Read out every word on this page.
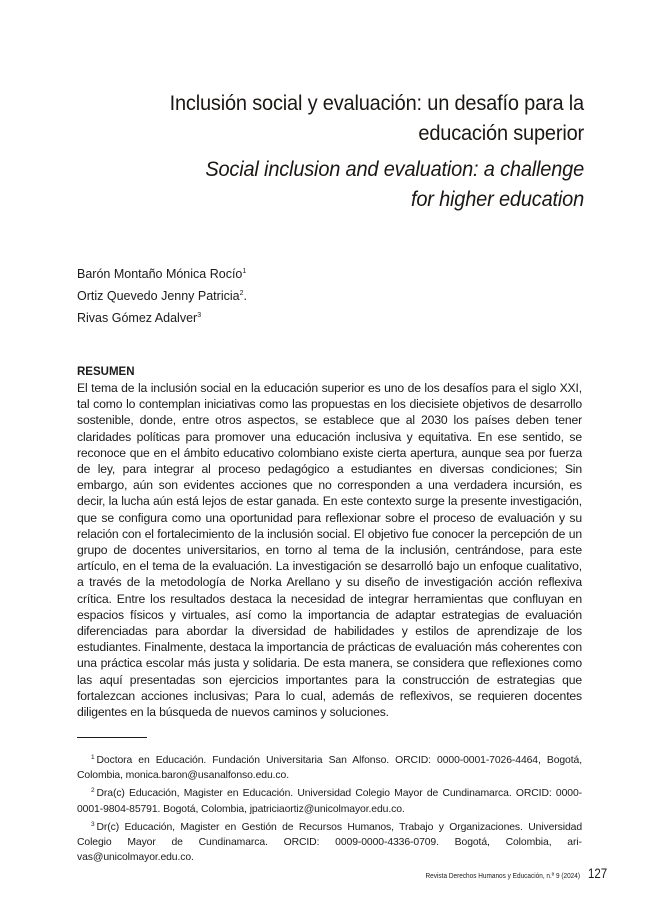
Inclusión social y evaluación: un desafío para la
educación superior
Social inclusion and evaluation: a challenge
for higher education
Barón Montaño Mónica Rocío$^1$
Ortiz Quevedo Jenny Patricia$^2$.
Rivas Gómez Adalver$^3$
RESUMEN

El tema de la inclusión social en la educación superior es uno de los desafíos para el siglo XXI, tal como lo contemplan iniciativas como las propuestas en los diecisiete objetivos de desarrollo sostenible, donde, entre otros aspectos, se establece que al 2030 los países deben tener claridades políticas para promover una educación inclusiva y equitativa. En ese sentido, se reconoce que en el ámbito educativo colombiano existe cierta apertura, aunque sea por fuerza de ley, para integrar al proceso pedagógico a estudiantes en diversas condiciones; Sin embargo, aún son evidentes acciones que no corresponden a una verdadera incursión, es decir, la lucha aún está lejos de estar ganada. En este contexto surge la presente investigación, que se configura como una oportunidad para reflexionar sobre el proceso de evaluación y su relación con el fortalecimiento de la inclusión social. El objetivo fue conocer la percepción de un grupo de docentes universitarios, en torno al tema de la inclusión, centrándose, para este artículo, en el tema de la evaluación. La investigación se desarrolló bajo un enfoque cualitativo, a través de la metodología de Norka Arellano y su diseño de investigación acción reflexiva crítica. Entre los resultados destaca la necesidad de integrar herramientas que confluyan en espacios físicos y virtuales, así como la importancia de adaptar estrategias de evaluación diferenciadas para abordar la diversidad de habilidades y estilos de aprendizaje de los estudiantes. Finalmente, destaca la importancia de prácticas de evaluación más coherentes con una práctica escolar más justa y solidaria. De esta manera, se considera que reflexiones como las aquí presentadas son ejercicios importantes para la construcción de estrategias que fortalezcan acciones inclusivas; Para lo cual, además de reflexivos, se requieren docentes diligentes en la búsqueda de nuevos caminos y soluciones.

$^1$ Doctora en Educación. Fundación Universitaria San Alfonso. ORCID: 0000-0001-7026-4464, Bogotá, Colombia, monica.baron@usanalfonso.edu.co.

$^2$ Dra(c) Educación, Magister en Educación. Universidad Colegio Mayor de Cundinamarca. ORCID: 0000-0001-9804-85791. Bogotá, Colombia, jpatriciaortiz@unicolmayor.edu.co.

$^3$ Dr(c) Educación, Magister en Gestión de Recursos Humanos, Trabajo y Organizaciones. Universidad Colegio Mayor de Cundinamarca. ORCID: 0009-0000-4336-0709. Bogotá, Colombia, arivas@unicolmayor.edu.co.

Revista Derechos Humanos y Educación, n.º 9 (2024) 127
